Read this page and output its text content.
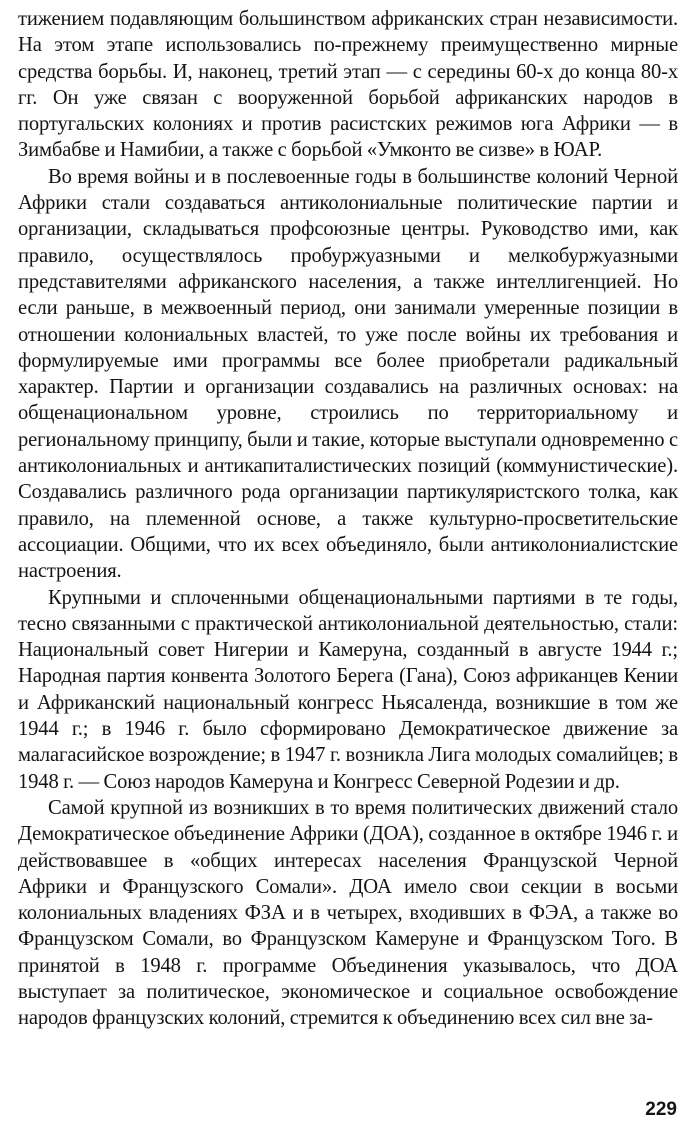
тижением подавляющим большинством африканских стран независимости. На этом этапе использовались по-прежнему преимущественно мирные средства борьбы. И, наконец, третий этап — с середины 60-х до конца 80-х гг. Он уже связан с вооруженной борьбой африканских народов в португальских колониях и против расистских режимов юга Африки — в Зимбабве и Намибии, а также с борьбой «Умконто ве сизве» в ЮАР.

Во время войны и в послевоенные годы в большинстве колоний Черной Африки стали создаваться антиколониальные политические партии и организации, складываться профсоюзные центры. Руководство ими, как правило, осуществлялось пробуржуазными и мелкобуржуазными представителями африканского населения, а также интеллигенцией. Но если раньше, в межвоенный период, они занимали умеренные позиции в отношении колониальных властей, то уже после войны их требования и формулируемые ими программы все более приобретали радикальный характер. Партии и организации создавались на различных основах: на общенациональном уровне, строились по территориальному и региональному принципу, были и такие, которые выступали одновременно с антиколониальных и антикапиталистических позиций (коммунистические). Создавались различного рода организации партикуляристского толка, как правило, на племенной основе, а также культурно-просветительские ассоциации. Общими, что их всех объединяло, были антиколониалистские настроения.

Крупными и сплоченными общенациональными партиями в те годы, тесно связанными с практической антиколониальной деятельностью, стали: Национальный совет Нигерии и Камеруна, созданный в августе 1944 г.; Народная партия конвента Золотого Берега (Гана), Союз африканцев Кении и Африканский национальный конгресс Ньясаленда, возникшие в том же 1944 г.; в 1946 г. было сформировано Демократическое движение за малагасийское возрождение; в 1947 г. возникла Лига молодых сомалийцев; в 1948 г. — Союз народов Камеруна и Конгресс Северной Родезии и др.

Самой крупной из возникших в то время политических движений стало Демократическое объединение Африки (ДОА), созданное в октябре 1946 г. и действовавшее в «общих интересах населения Французской Черной Африки и Французского Сомали». ДОА имело свои секции в восьми колониальных владениях ФЗА и в четырех, входивших в ФЭА, а также во Французском Сомали, во Французском Камеруне и Французском Того. В принятой в 1948 г. программе Объединения указывалось, что ДОА выступает за политическое, экономическое и социальное освобождение народов французских колоний, стремится к объединению всех сил вне за-

229
